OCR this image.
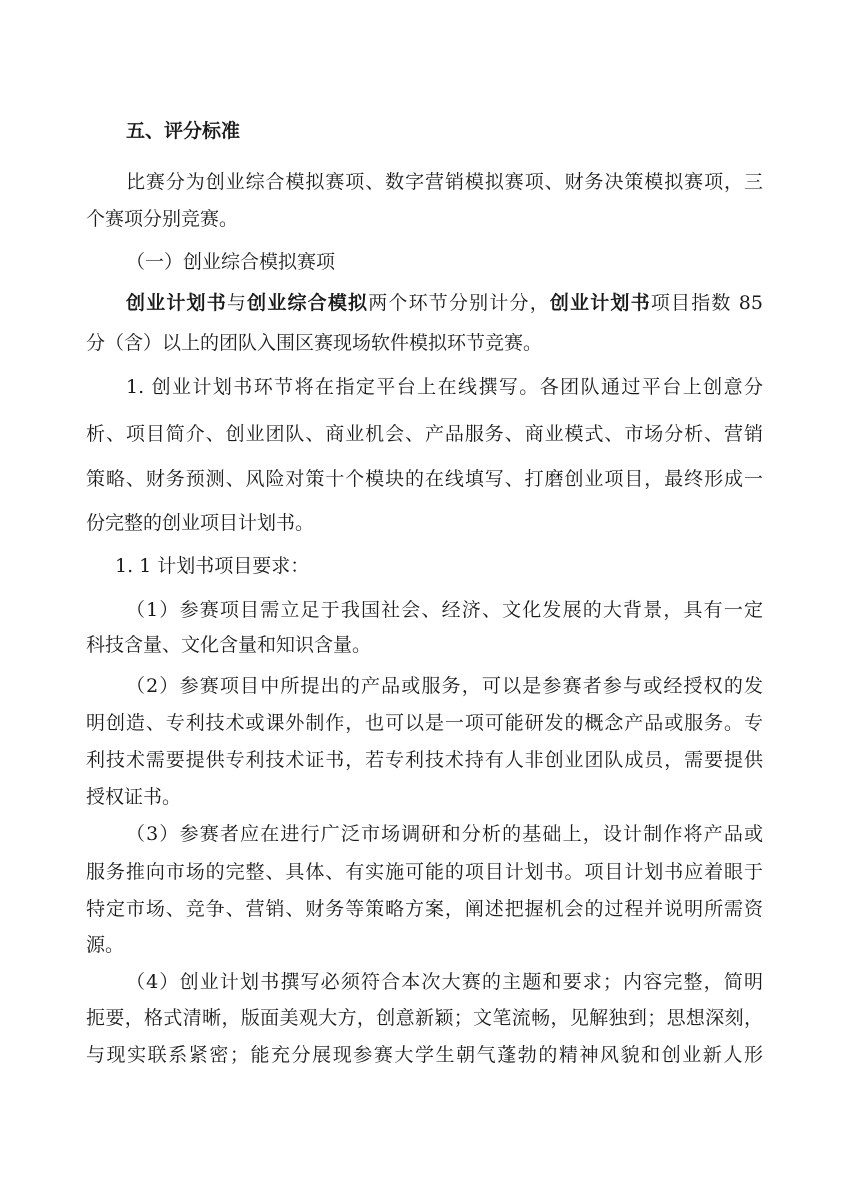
五、评分标准
比赛分为创业综合模拟赛项、数字营销模拟赛项、财务决策模拟赛项，三
个赛项分别竞赛。
（一）创业综合模拟赛项
创业计划书与创业综合模拟两个环节分别计分，创业计划书项目指数 85
分（含）以上的团队入围区赛现场软件模拟环节竞赛。
1. 创业计划书环节将在指定平台上在线撰写。各团队通过平台上创意分
析、项目简介、创业团队、商业机会、产品服务、商业模式、市场分析、营销
策略、财务预测、风险对策十个模块的在线填写、打磨创业项目，最终形成一
份完整的创业项目计划书。
1. 1 计划书项目要求：
（1）参赛项目需立足于我国社会、经济、文化发展的大背景，具有一定
科技含量、文化含量和知识含量。
（2）参赛项目中所提出的产品或服务，可以是参赛者参与或经授权的发
明创造、专利技术或课外制作，也可以是一项可能研发的概念产品或服务。专
利技术需要提供专利技术证书，若专利技术持有人非创业团队成员，需要提供
授权证书。
（3）参赛者应在进行广泛市场调研和分析的基础上，设计制作将产品或
服务推向市场的完整、具体、有实施可能的项目计划书。项目计划书应着眼于
特定市场、竞争、营销、财务等策略方案，阐述把握机会的过程并说明所需资
源。
（4）创业计划书撰写必须符合本次大赛的主题和要求；内容完整，简明
扼要，格式清晰，版面美观大方，创意新颖；文笔流畅，见解独到；思想深刻，
与现实联系紧密；能充分展现参赛大学生朝气蓬勃的精神风貌和创业新人形
